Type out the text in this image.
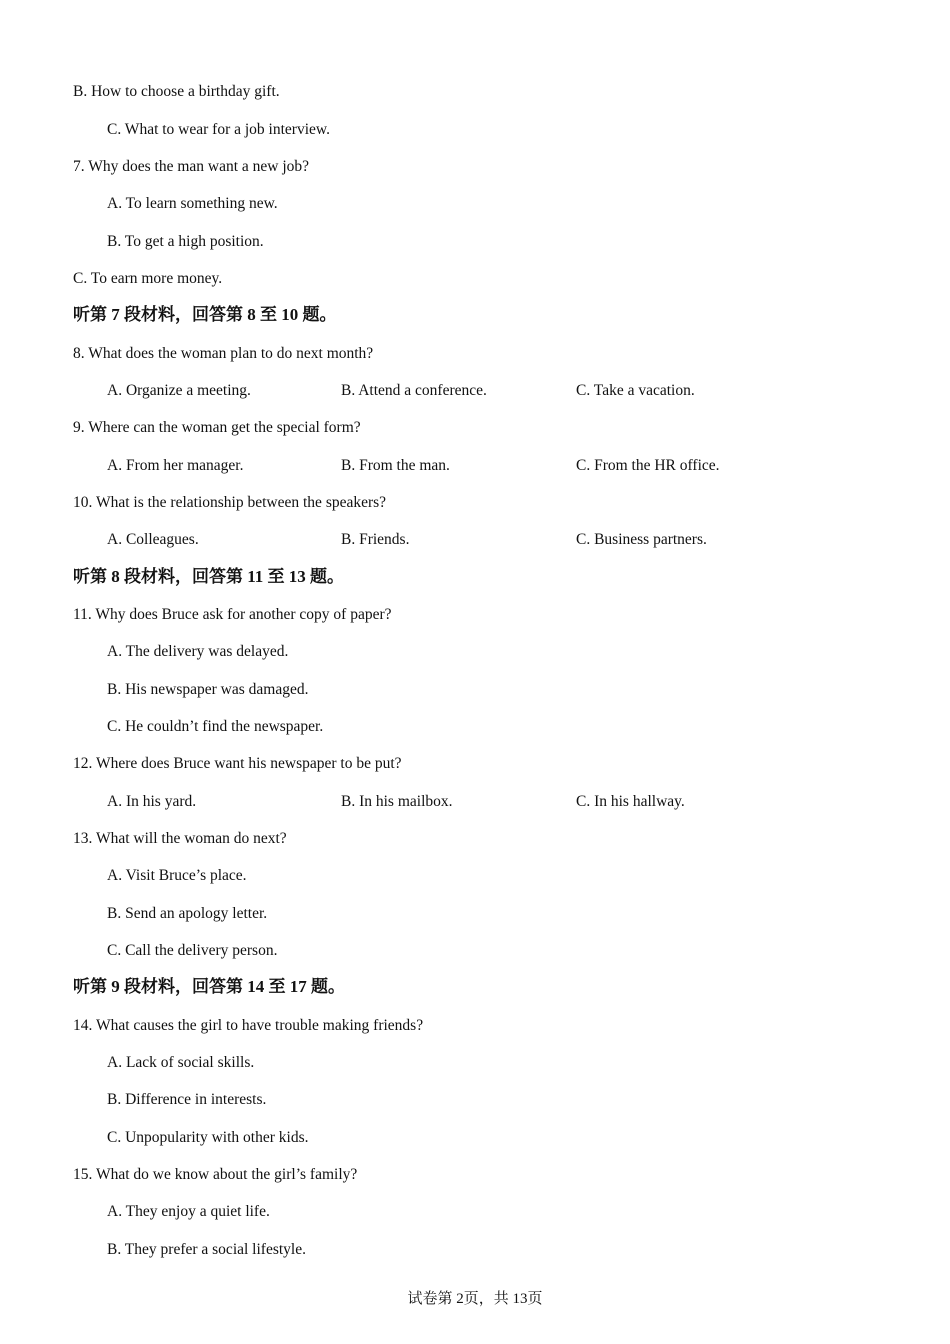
B. How to choose a birthday gift.
C. What to wear for a job interview.
7. Why does the man want a new job?
A. To learn something new.
B. To get a high position.
C. To earn more money.
听第 7 段材料，回答第 8 至 10 题。
8. What does the woman plan to do next month?
A. Organize a meeting.	B. Attend a conference.	C. Take a vacation.
9. Where can the woman get the special form?
A. From her manager.	B. From the man.	C. From the HR office.
10. What is the relationship between the speakers?
A. Colleagues.	B. Friends.	C. Business partners.
听第 8 段材料，回答第 11 至 13 题。
11. Why does Bruce ask for another copy of paper?
A. The delivery was delayed.
B. His newspaper was damaged.
C. He couldn’t find the newspaper.
12. Where does Bruce want his newspaper to be put?
A. In his yard.	B. In his mailbox.	C. In his hallway.
13. What will the woman do next?
A. Visit Bruce’s place.
B. Send an apology letter.
C. Call the delivery person.
听第 9 段材料，回答第 14 至 17 题。
14. What causes the girl to have trouble making friends?
A. Lack of social skills.
B. Difference in interests.
C. Unpopularity with other kids.
15. What do we know about the girl’s family?
A. They enjoy a quiet life.
B. They prefer a social lifestyle.
试卷第 2页，共 13页
